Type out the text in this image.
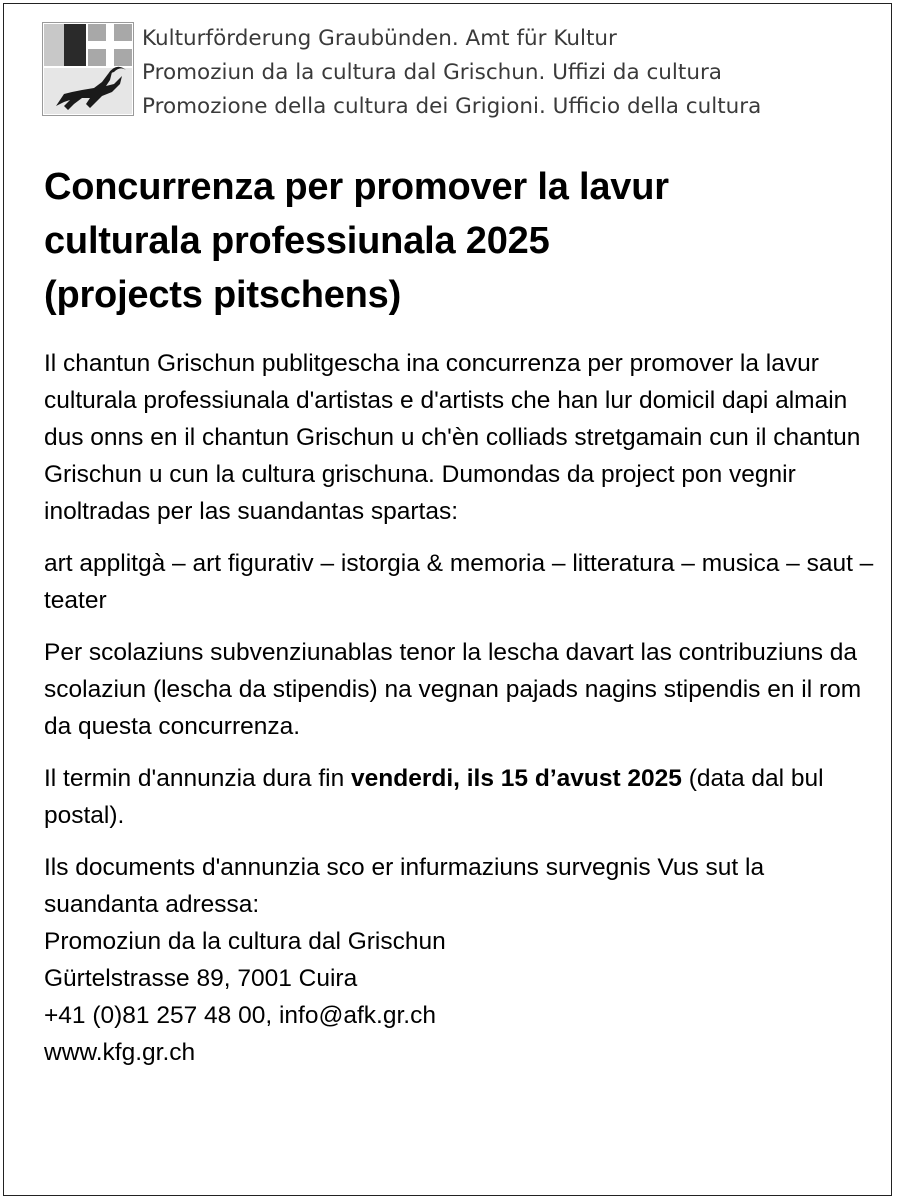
Kulturförderung Graubünden. Amt für Kultur
Promoziun da la cultura dal Grischun. Uffizi da cultura
Promozione della cultura dei Grigioni. Ufficio della cultura
Concurrenza per promover la lavur
culturala professiunala 2025
(projects pitschens)

Il chantun Grischun publitgescha ina concurrenza per promover la lavur culturala professiunala d'artistas e d'artists che han lur domicil dapi almain dus onns en il chantun Grischun u ch'èn colliads stretgamain cun il chantun Grischun u cun la cultura grischuna. Dumondas da project pon vegnir inoltradas per las suandantas spartas:

art applitgà – art figurativ – istorgia & memoria – litteratura – musica – saut – teater

Per scolaziuns subvenziunablas tenor la lescha davart las contribuziuns da scolaziun (lescha da stipendis) na vegnan pajads nagins stipendis en il rom da questa concurrenza.

Il termin d'annunzia dura fin venderdi, ils 15 d’avust 2025 (data dal bul postal).

Ils documents d'annunzia sco er infurmaziuns survegnis Vus sut la suandanta adressa:
Promoziun da la cultura dal Grischun
Gürtelstrasse 89, 7001 Cuira
+41 (0)81 257 48 00, info@afk.gr.ch
www.kfg.gr.ch
